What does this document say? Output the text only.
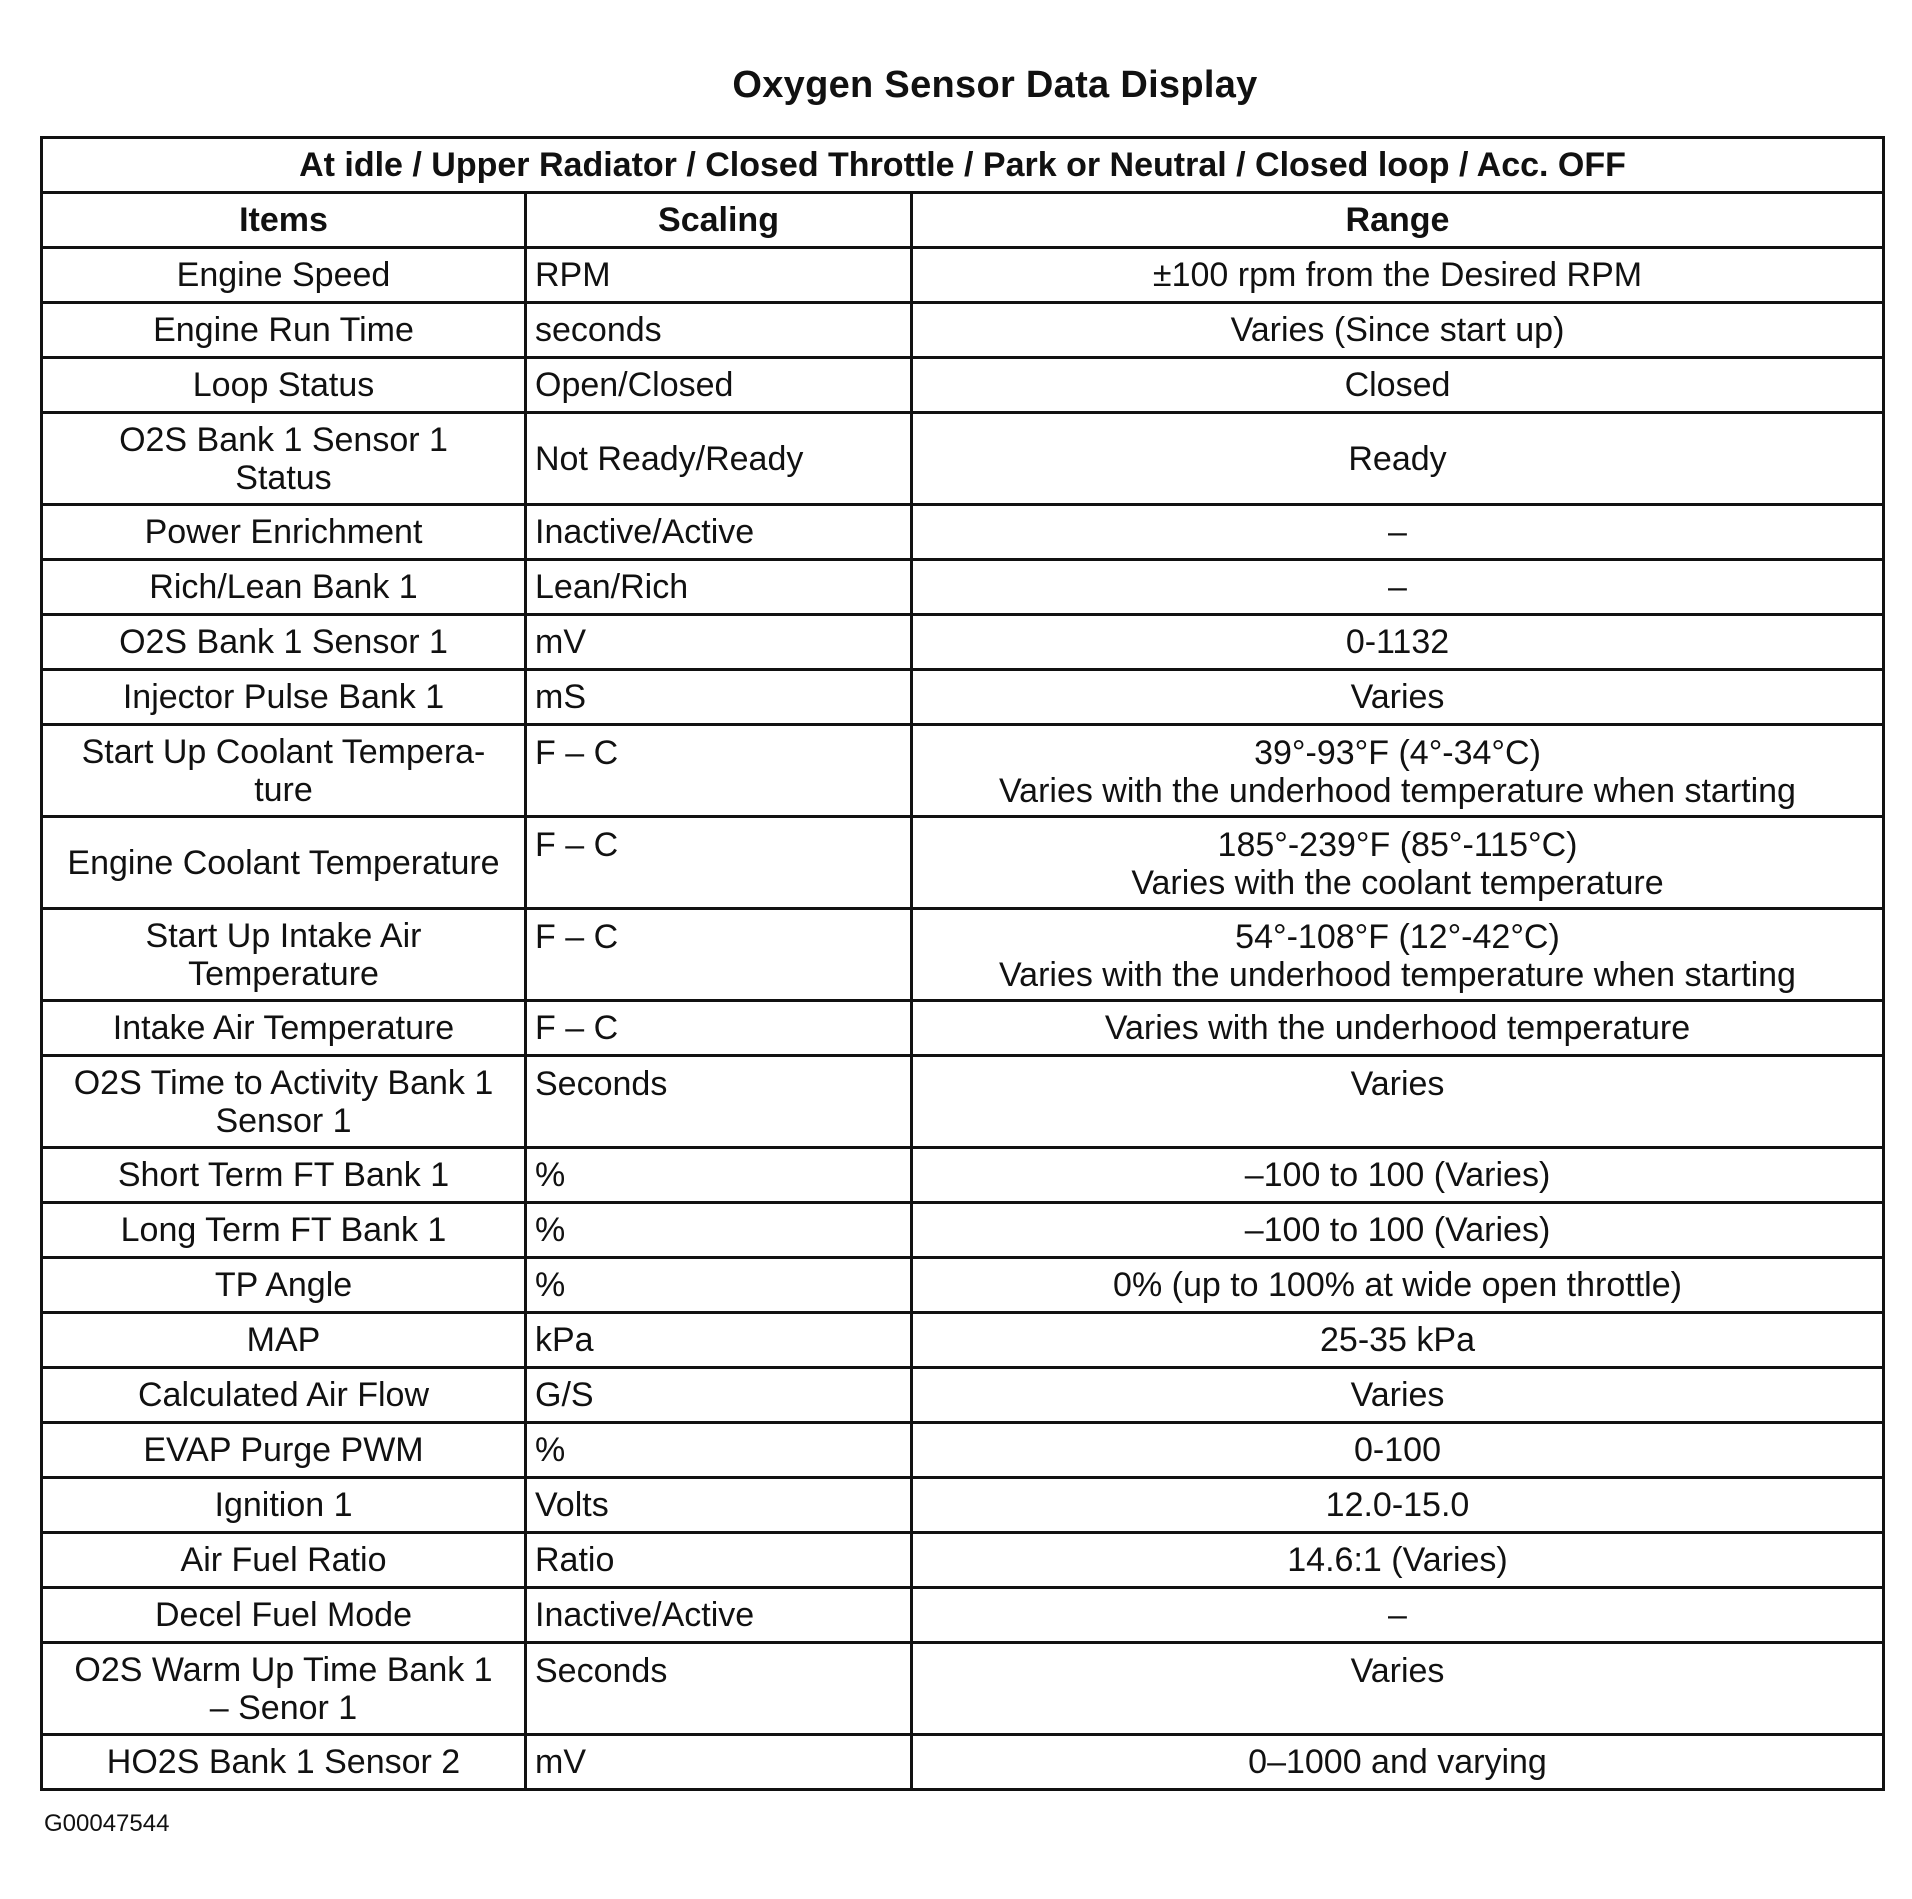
Oxygen Sensor Data Display
At idle / Upper Radiator / Closed Throttle / Park or Neutral / Closed loop / Acc. OFF		
Items	Scaling	Range

Engine Speed	RPM	±100 rpm from the Desired RPM

Engine Run Time	seconds	Varies (Since start up)

Loop Status	Open/Closed	Closed

O2S Bank 1 Sensor 1
Status	Not Ready/Ready	Ready

Power Enrichment	Inactive/Active	–

Rich/Lean Bank 1	Lean/Rich	–

O2S Bank 1 Sensor 1	mV	0-1132

Injector Pulse Bank 1	mS	Varies

Start Up Coolant Tempera-
ture	F – C	39°-93°F (4°-34°C)
Varies with the underhood temperature when starting

Engine Coolant Temperature	F – C	185°-239°F (85°-115°C)
Varies with the coolant temperature

Start Up Intake Air
Temperature	F – C	54°-108°F (12°-42°C)
Varies with the underhood temperature when starting

Intake Air Temperature	F – C	Varies with the underhood temperature

O2S Time to Activity Bank 1
Sensor 1	Seconds	Varies

Short Term FT Bank 1	%	–100 to 100 (Varies)

Long Term FT Bank 1	%	–100 to 100 (Varies)

TP Angle	%	0% (up to 100% at wide open throttle)

MAP	kPa	25-35 kPa

Calculated Air Flow	G/S	Varies

EVAP Purge PWM	%	0-100

Ignition 1	Volts	12.0-15.0

Air Fuel Ratio	Ratio	14.6:1 (Varies)

Decel Fuel Mode	Inactive/Active	–

O2S Warm Up Time Bank 1
– Senor 1	Seconds	Varies

HO2S Bank 1 Sensor 2	mV	0–1000 and varying
G00047544
